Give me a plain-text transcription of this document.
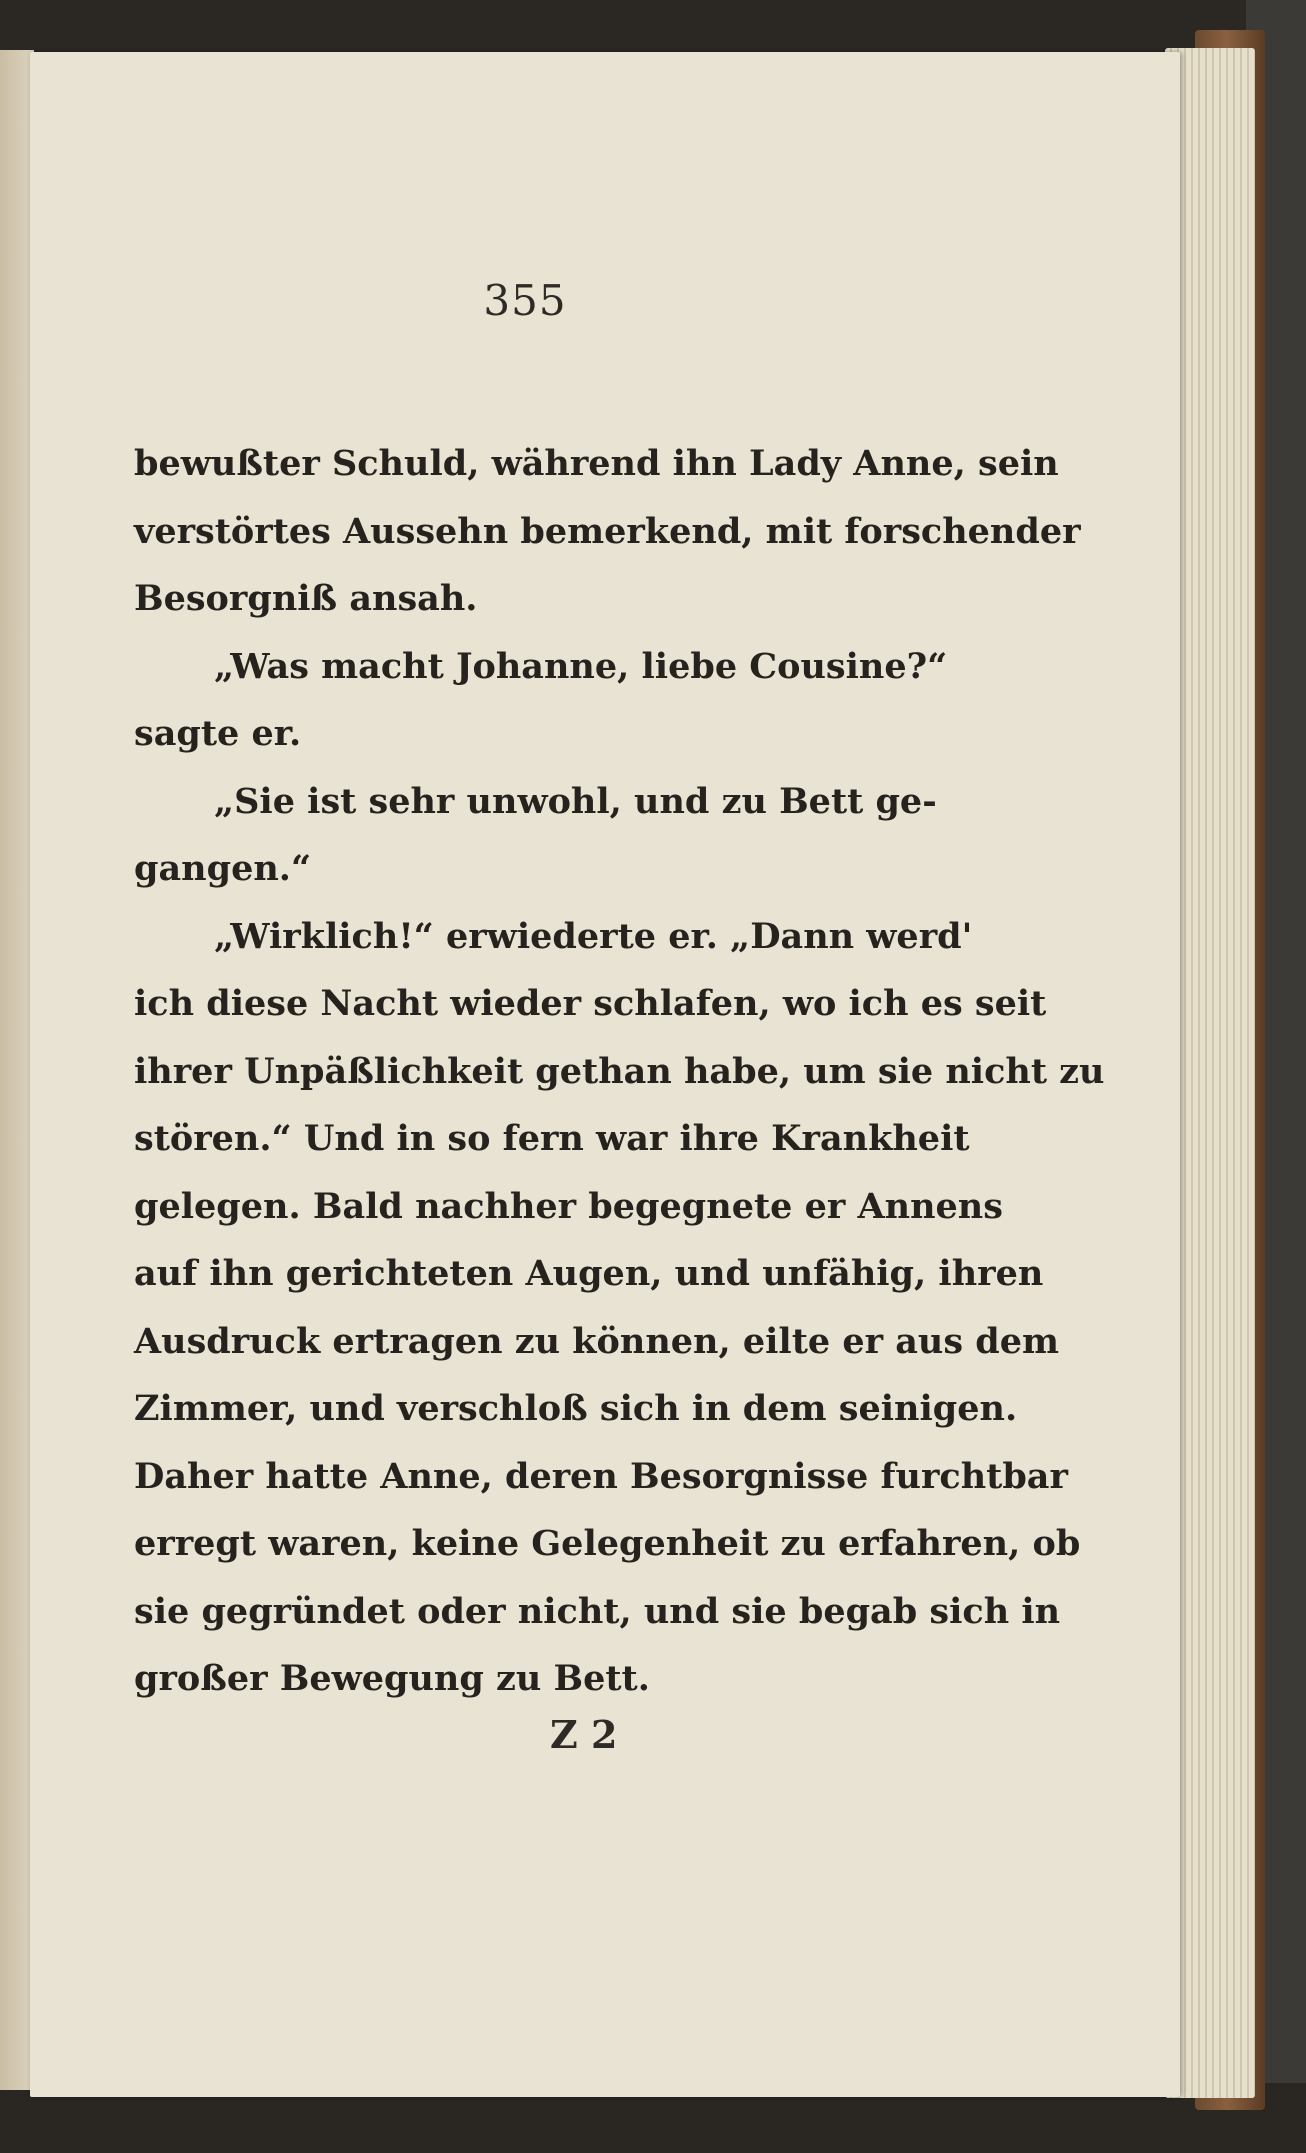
355
bewußter Schuld, während ihn Lady Anne, sein
verstörtes Aussehn bemerkend, mit forschender
Besorgniß ansah.
„Was macht Johanne, liebe Cousine?“
sagte er.
„Sie ist sehr unwohl, und zu Bett ge-
gangen.“
„Wirklich!“ erwiederte er. „Dann werd'
ich diese Nacht wieder schlafen, wo ich es seit
ihrer Unpäßlichkeit gethan habe, um sie nicht zu
stören.“ Und in so fern war ihre Krankheit
gelegen. Bald nachher begegnete er Annens
auf ihn gerichteten Augen, und unfähig, ihren
Ausdruck ertragen zu können, eilte er aus dem
Zimmer, und verschloß sich in dem seinigen.
Daher hatte Anne, deren Besorgnisse furchtbar
erregt waren, keine Gelegenheit zu erfahren, ob
sie gegründet oder nicht, und sie begab sich in
großer Bewegung zu Bett.
Z 2
